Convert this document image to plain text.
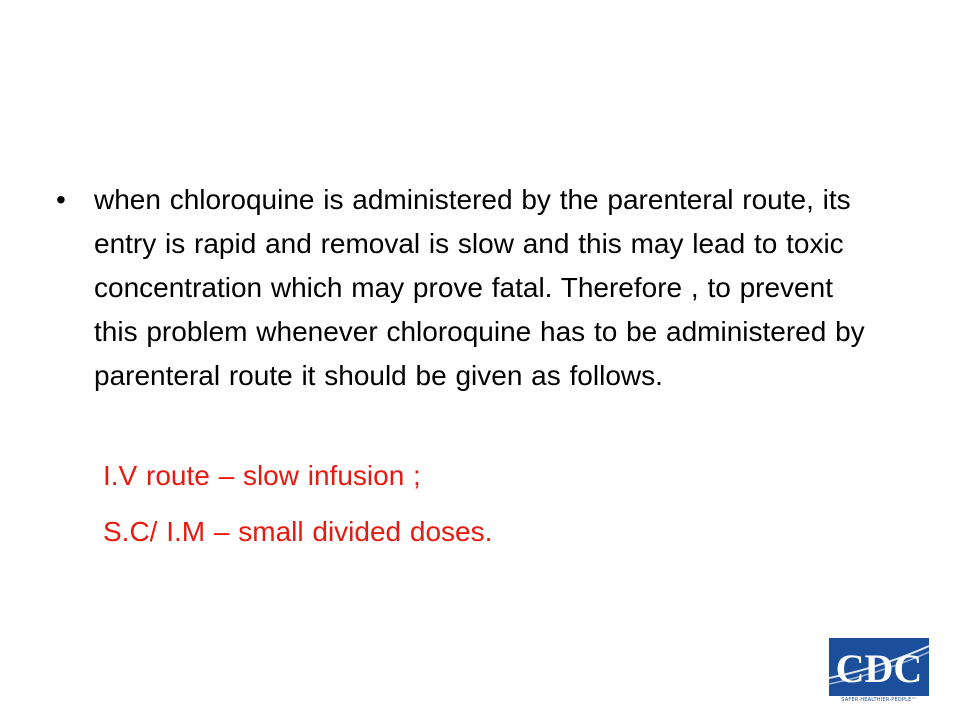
•	when chloroquine is administered by the parenteral route, its entry is rapid and removal is slow and this may lead to toxic concentration which may prove fatal. Therefore , to prevent this problem whenever chloroquine has to be administered by parenteral route it should be given as follows.
I.V route – slow infusion ;
S.C/ I.M – small divided doses.
CDC
SAFER·HEALTHIER·PEOPLE™
